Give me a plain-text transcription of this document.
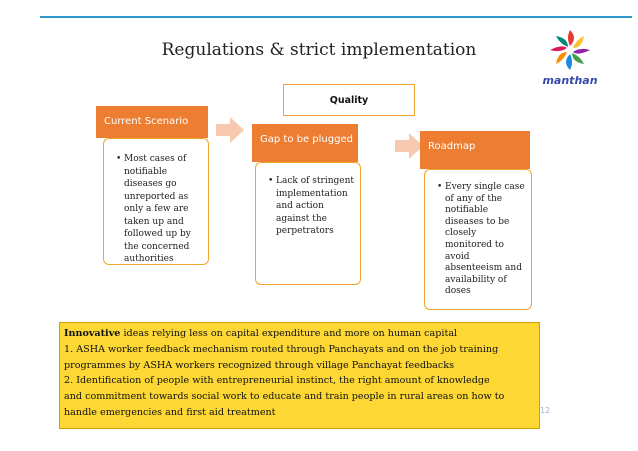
Regulations & strict implementation
manthan
Quality
Current Scenario
• Most cases of
notifiable
diseases go
unreported as
only a few are
taken up and
followed up by
the concerned
authorities
Gap to be plugged
• Lack of stringent
implementation
and action
against the
perpetrators
Roadmap
• Every single case
of any of the
notifiable
diseases to be
closely
monitored to
avoid
absenteeism and
availability of
doses

Innovative ideas relying less on capital expenditure and more on human capital

1. ASHA worker feedback mechanism routed through Panchayats and on the job training

programmes by ASHA workers recognized through village Panchayat feedbacks

2. Identification of people with entrepreneurial instinct, the right amount of knowledge

and commitment towards social work to educate and train people in rural areas on how to

handle emergencies and first aid treatment	12
